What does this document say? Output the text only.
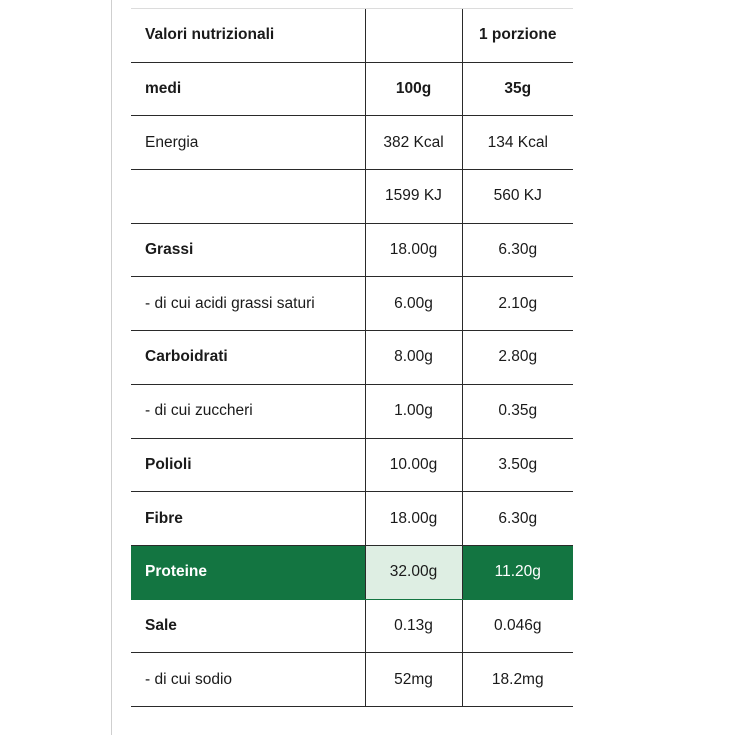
Valori nutrizionali		1 porzione
medi	100g	35g
Energia	382 Kcal	134 Kcal
	1599 KJ	560 KJ
Grassi	18.00g	6.30g
- di cui acidi grassi saturi	6.00g	2.10g
Carboidrati	8.00g	2.80g
- di cui zuccheri	1.00g	0.35g
Polioli	10.00g	3.50g
Fibre	18.00g	6.30g
Proteine	32.00g	11.20g
Sale	0.13g	0.046g
- di cui sodio	52mg	18.2mg
